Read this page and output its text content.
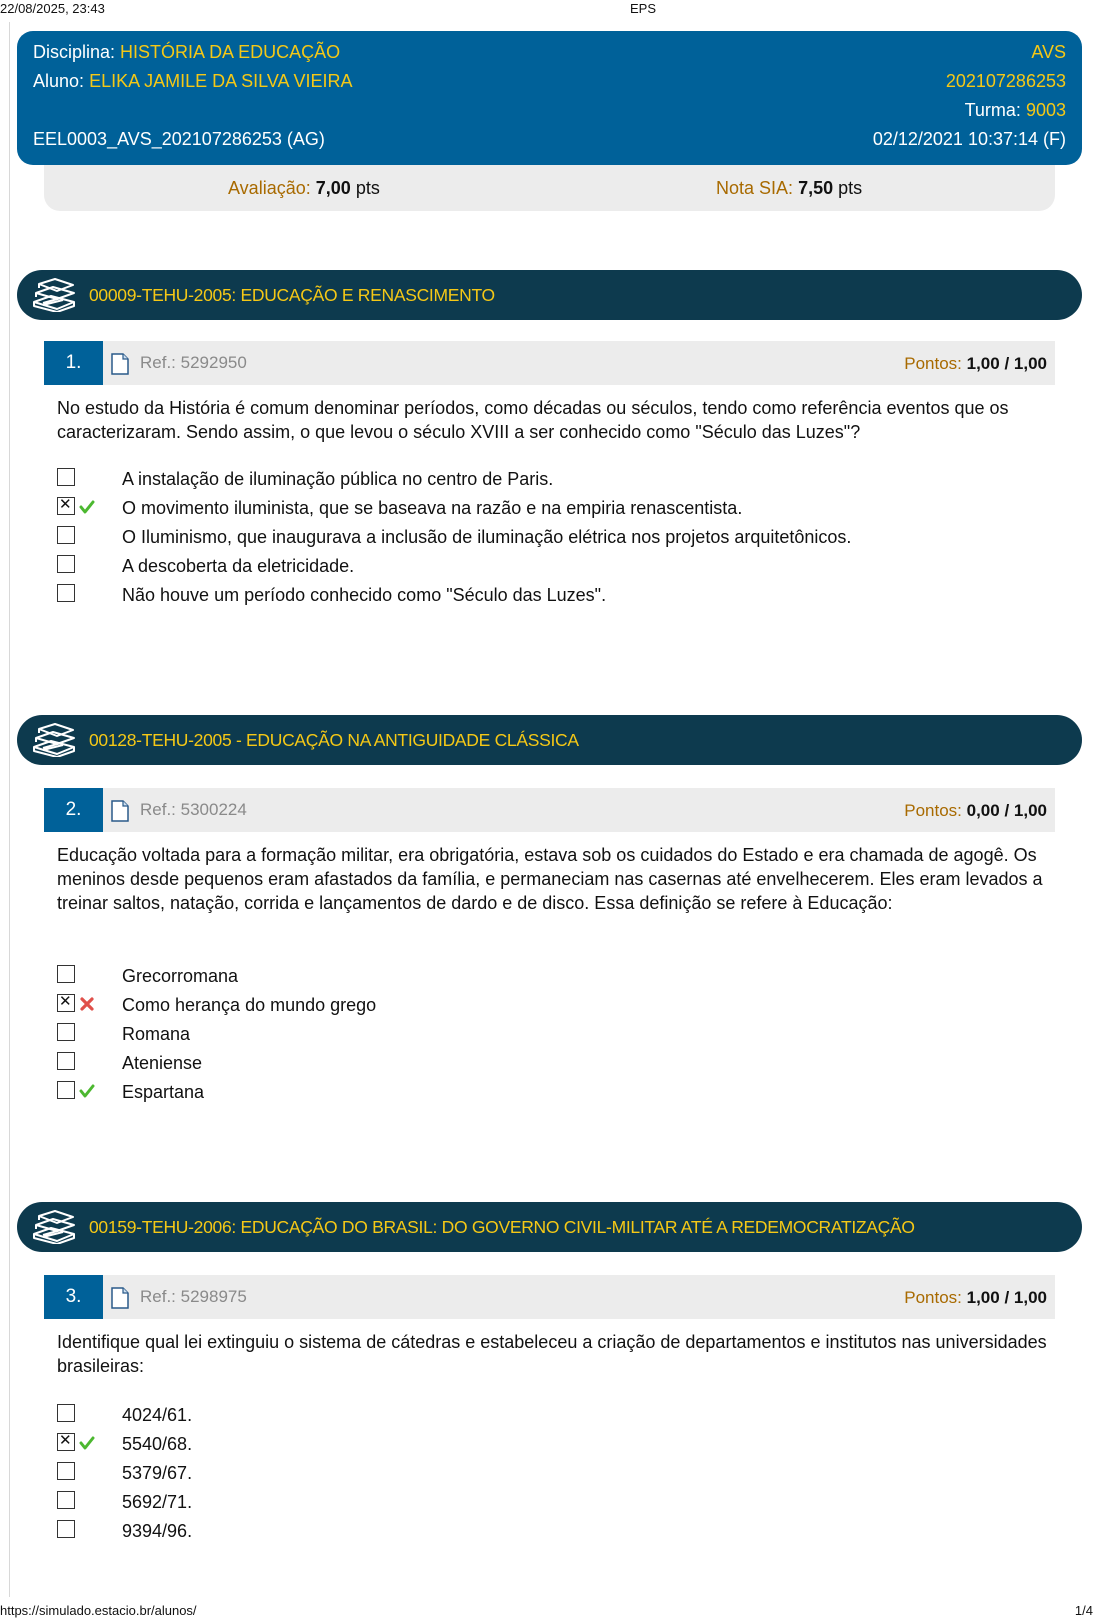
22/08/2025, 23:43	EPS
Disciplina: HISTÓRIA DA EDUCAÇÃO	AVS
Aluno: ELIKA JAMILE DA SILVA VIEIRA	202107286253
Turma: 9003
EEL0003_AVS_202107286253 (AG)	02/12/2021 10:37:14 (F)
Avaliação: 7,00 pts	Nota SIA: 7,50 pts
00009-TEHU-2005: EDUCAÇÃO E RENASCIMENTO
1.	Ref.: 5292950	Pontos: 1,00 / 1,00
No estudo da História é comum denominar períodos, como décadas ou séculos, tendo como referência eventos que os caracterizaram. Sendo assim, o que levou o século XVIII a ser conhecido como "Século das Luzes"?
A instalação de iluminação pública no centro de Paris.
✕
O movimento iluminista, que se baseava na razão e na empiria renascentista.
O Iluminismo, que inaugurava a inclusão de iluminação elétrica nos projetos arquitetônicos.
A descoberta da eletricidade.
Não houve um período conhecido como "Século das Luzes".
00128-TEHU-2005 - EDUCAÇÃO NA ANTIGUIDADE CLÁSSICA
2.	Ref.: 5300224	Pontos: 0,00 / 1,00
Educação voltada para a formação militar, era obrigatória, estava sob os cuidados do Estado e era chamada de agogê. Os meninos desde pequenos eram afastados da família, e permaneciam nas casernas até envelhecerem. Eles eram levados a treinar saltos, natação, corrida e lançamentos de dardo e de disco. Essa definição se refere à Educação:
Grecorromana
✕
Como herança do mundo grego
Romana
Ateniense
Espartana
00159-TEHU-2006: EDUCAÇÃO DO BRASIL: DO GOVERNO CIVIL-MILITAR ATÉ A REDEMOCRATIZAÇÃO
3.	Ref.: 5298975	Pontos: 1,00 / 1,00
Identifique qual lei extinguiu o sistema de cátedras e estabeleceu a criação de departamentos e institutos nas universidades brasileiras:
4024/61.
✕
5540/68.
5379/67.
5692/71.
9394/96.
https://simulado.estacio.br/alunos/	1/4
